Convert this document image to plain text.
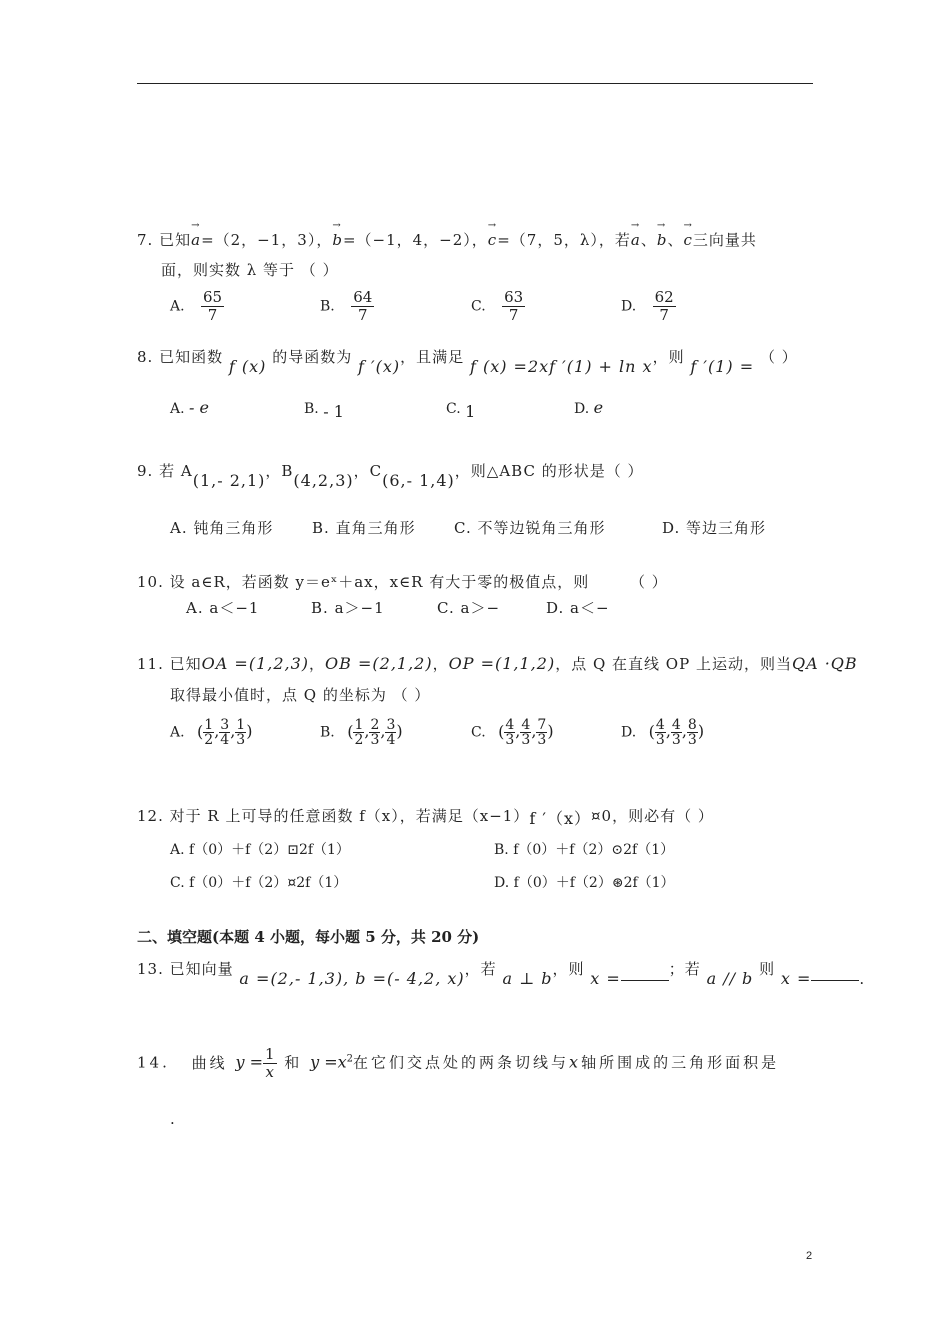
7. 已知→ a=（2，−1，3），→ b=（−1，4，−2），→ c=（7，5，λ），若→ a、→ b、→ c三向量共
面，则实数 λ 等于 （ ）
A. $\frac{65}{7}$	B. $\frac{64}{7}$	C. $\frac{63}{7}$	D. $\frac{62}{7}$
8. 已知函数 f (x) 的导函数为 f ′(x)，且满足 f (x) =2xf ′(1) + ln x，则 f ′(1) = （ ）
A. - e	B. - 1	C. 1	D. e
9. 若 A(1,- 2,1)，B(4,2,3)，C(6,- 1,4)，则△ABC 的形状是（ ）
A. 钝角三角形	B. 直角三角形	C. 不等边锐角三角形	D. 等边三角形
10. 设 a∈R，若函数 y＝eˣ＋ax，x∈R 有大于零的极值点，则	（ ）
A. a＜−1	B. a＞−1	C. a＞−	D. a＜−
11. 已知OA =(1,2,3)，OB =(2,1,2)，OP =(1,1,2)，点 Q 在直线 OP 上运动，则当QA ·QB
取得最小值时，点 Q 的坐标为 （ ）
A. ( $\frac{1}{2}$ , $\frac{3}{4}$ , $\frac{1}{3}$ )	B. ( $\frac{1}{2}$ , $\frac{2}{3}$ , $\frac{3}{4}$ )	C. ( $\frac{4}{3}$ , $\frac{4}{3}$ , $\frac{7}{3}$ )	D. ( $\frac{4}{3}$ , $\frac{4}{3}$ , $\frac{8}{3}$ )
12. 对于 R 上可导的任意函数 f（x），若满足（x−1）f ′（x）¤0，则必有（ ）
A. f（0）＋f（2）⊡2f（1）	B. f（0）＋f（2）⊙2f（1）
C. f（0）＋f（2）¤2f（1）	D. f（0）＋f（2）⊛2f（1）
二、填空题(本题 4 小题，每小题 5 分，共 20 分)
13. 已知向量 a =(2,- 1,3), b =(- 4,2, x)，若 a ⊥ b，则 x =	；若 a // b 则 x =	.
14. 曲线 $y = \frac{1}{x}$ 和 $y =x^2$在它们交点处的两条切线与x轴所围成的三角形面积是
.
2
